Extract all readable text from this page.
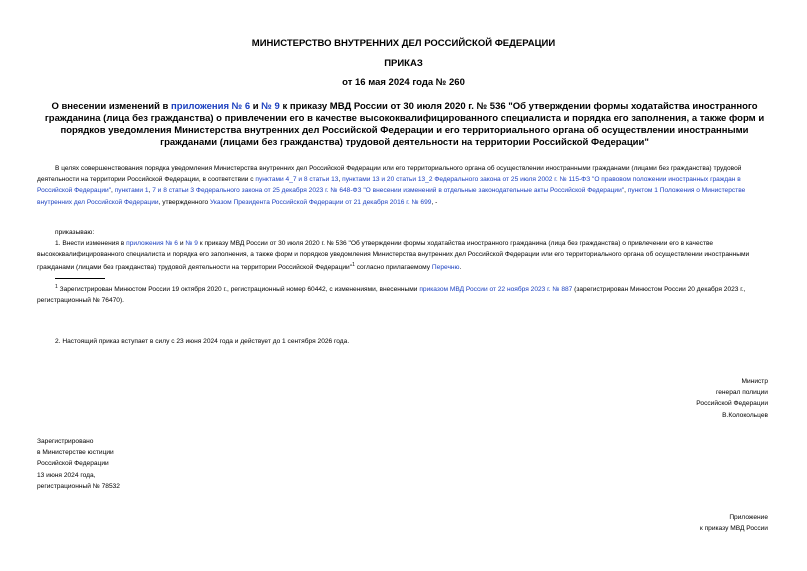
МИНИСТЕРСТВО ВНУТРЕННИХ ДЕЛ РОССИЙСКОЙ ФЕДЕРАЦИИ
ПРИКАЗ
от 16 мая 2024 года № 260
О внесении изменений в приложения № 6 и № 9 к приказу МВД России от 30 июля 2020 г. № 536 "Об утверждении формы ходатайства иностранного гражданина (лица без гражданства) о привлечении его в качестве высококвалифицированного специалиста и порядка его заполнения, а также форм и порядков уведомления Министерства внутренних дел Российской Федерации и его территориального органа об осуществлении иностранными гражданами (лицами без гражданства) трудовой деятельности на территории Российской Федерации"
В целях совершенствования порядка уведомления Министерства внутренних дел Российской Федерации или его территориального органа об осуществлении иностранными гражданами (лицами без гражданства) трудовой деятельности на территории Российской Федерации, в соответствии с пунктами 4_7 и 8 статьи 13, пунктами 13 и 20 статьи 13_2 Федерального закона от 25 июля 2002 г. № 115-ФЗ "О правовом положении иностранных граждан в Российской Федерации", пунктами 1, 7 и 8 статьи 3 Федерального закона от 25 декабря 2023 г. № 648-ФЗ "О внесении изменений в отдельные законодательные акты Российской Федерации", пунктом 1 Положения о Министерстве внутренних дел Российской Федерации, утвержденного Указом Президента Российской Федерации от 21 декабря 2016 г. № 699, -
приказываю:
1. Внести изменения в приложения № 6 и № 9 к приказу МВД России от 30 июля 2020 г. № 536 "Об утверждении формы ходатайства иностранного гражданина (лица без гражданства) о привлечении его в качестве высококвалифицированного специалиста и порядка его заполнения, а также форм и порядков уведомления Министерства внутренних дел Российской Федерации или его территориального органа об осуществлении иностранными гражданами (лицами без гражданства) трудовой деятельности на территории Российской Федерации"$^1$ согласно прилагаемому Перечню.
$^1$ Зарегистрирован Минюстом России 19 октября 2020 г., регистрационный номер 60442, с изменениями, внесенными приказом МВД России от 22 ноября 2023 г. № 887 (зарегистрирован Минюстом России 20 декабря 2023 г., регистрационный № 76470).
2. Настоящий приказ вступает в силу с 23 июня 2024 года и действует до 1 сентября 2026 года.
Министр
генерал полиции
Российской Федерации
В.Колокольцев
Зарегистрировано
в Министерстве юстиции
Российской Федерации
13 июня 2024 года,
регистрационный № 78532
Приложение
к приказу МВД России
